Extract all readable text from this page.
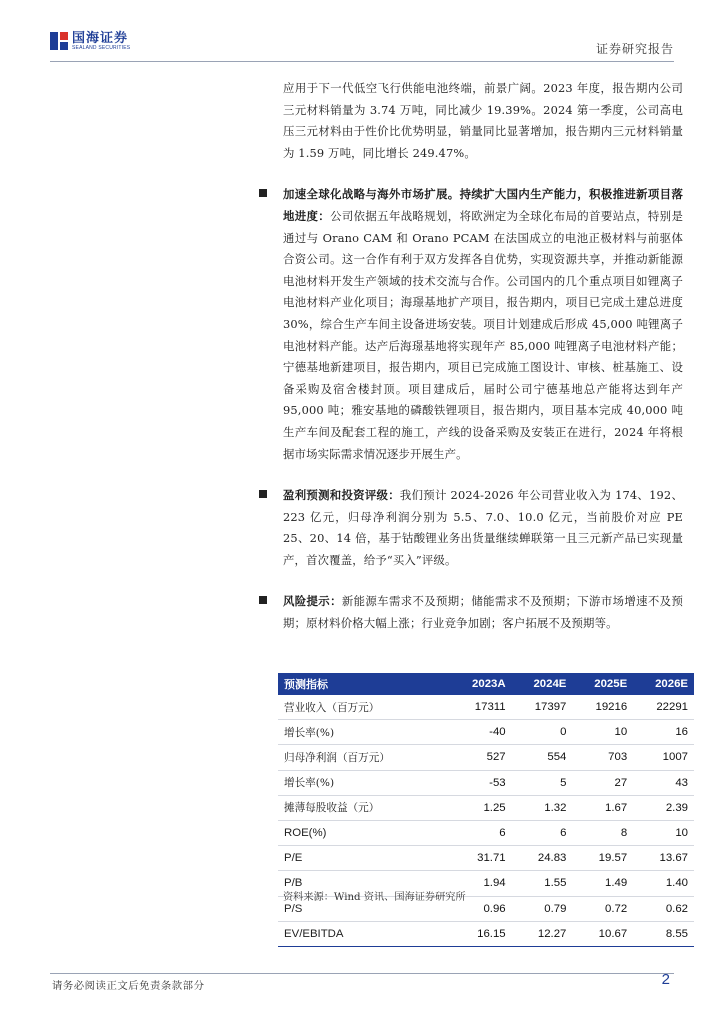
国海证券
SEALAND SECURITIES	证券研究报告

应用于下一代低空飞行供能电池终端，前景广阔。2023 年度，报告期内公司三元材料销量为 3.74 万吨，同比减少 19.39%。2024 第一季度，公司高电压三元材料由于性价比优势明显，销量同比显著增加，报告期内三元材料销量为 1.59 万吨，同比增长 249.47%。

加速全球化战略与海外市场扩展。持续扩大国内生产能力，积极推进新项目落地进度：公司依据五年战略规划，将欧洲定为全球化布局的首要站点，特别是通过与 Orano CAM 和 Orano PCAM 在法国成立的电池正极材料与前驱体合资公司。这一合作有利于双方发挥各自优势，实现资源共享，并推动新能源电池材料开发生产领域的技术交流与合作。公司国内的几个重点项目如锂离子电池材料产业化项目；海璟基地扩产项目，报告期内，项目已完成土建总进度 30%，综合生产车间主设备进场安装。项目计划建成后形成 45,000 吨锂离子电池材料产能。达产后海璟基地将实现年产 85,000 吨锂离子电池材料产能；宁德基地新建项目，报告期内，项目已完成施工图设计、审核、桩基施工、设备采购及宿舍楼封顶。项目建成后，届时公司宁德基地总产能将达到年产 95,000 吨；雅安基地的磷酸铁锂项目，报告期内，项目基本完成 40,000 吨生产车间及配套工程的施工，产线的设备采购及安装正在进行，2024 年将根据市场实际需求情况逐步开展生产。

盈利预测和投资评级：我们预计 2024-2026 年公司营业收入为 174、192、223 亿元，归母净利润分别为 5.5、7.0、10.0 亿元，当前股价对应 PE 25、20、14 倍，基于钴酸锂业务出货量继续蝉联第一且三元新产品已实现量产，首次覆盖，给予“买入”评级。

风险提示：新能源车需求不及预期；储能需求不及预期；下游市场增速不及预期；原材料价格大幅上涨；行业竞争加剧；客户拓展不及预期等。

预测指标	2023A	2024E	2025E	2026E
营业收入（百万元）	17311	17397	19216	22291
增长率(%)	-40	0	10	16
归母净利润（百万元）	527	554	703	1007
增长率(%)	-53	5	27	43
摊薄每股收益（元）	1.25	1.32	1.67	2.39
ROE(%)	6	6	8	10
P/E	31.71	24.83	19.57	13.67
P/B	1.94	1.55	1.49	1.40
P/S	0.96	0.79	0.72	0.62
EV/EBITDA	16.15	12.27	10.67	8.55
资料来源：Wind 资讯、国海证券研究所
请务必阅读正文后免责条款部分	2
